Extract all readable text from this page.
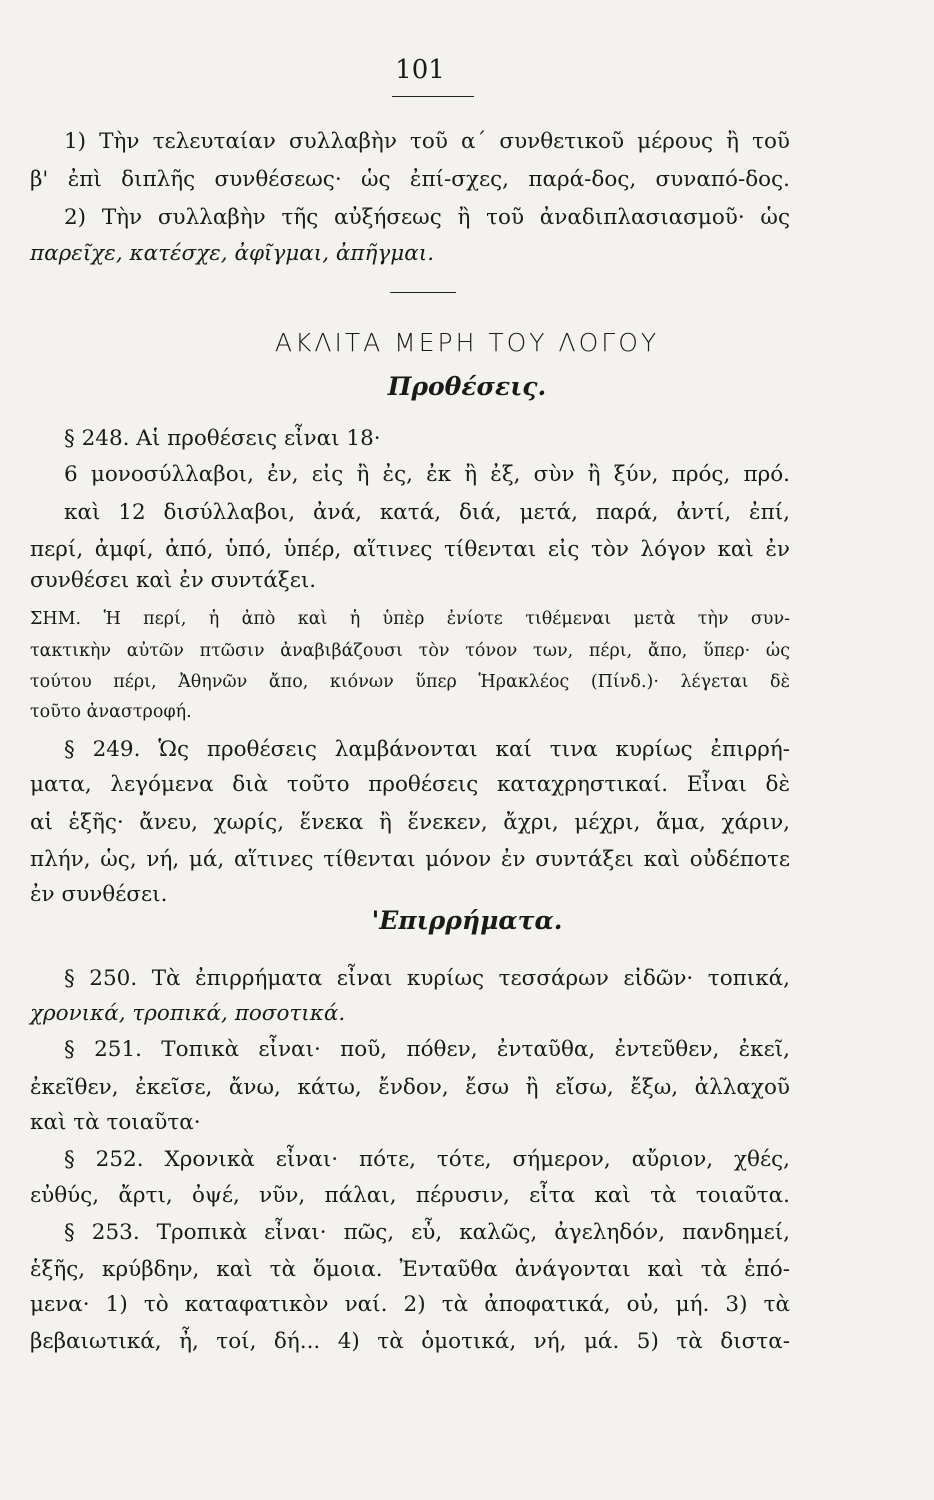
101
1) Τὴν τελευταίαν συλλαβὴν τοῦ α΄ συνθετικοῦ μέρους ἢ τοῦ
β' ἐπὶ διπλῆς συνθέσεως· ὡς ἐπί-σχες, παρά-δος, συναπό-δος.
2) Τὴν συλλαβὴν τῆς αὐξήσεως ἢ τοῦ ἀναδιπλασιασμοῦ· ὡς
παρεῖχε, κατέσχε, ἀφῖγμαι, ἀπῆγμαι.
ΑΚΛΙΤΑ ΜΕΡΗ ΤΟΥ ΛΟΓΟΥ
Προθέσεις.
§ 248. Αἱ προθέσεις εἶναι 18·
6 μονοσύλλαβοι, ἐν, εἰς ἢ ἐς, ἐκ ἢ ἐξ, σὺν ἢ ξύν, πρός, πρό.
καὶ 12 δισύλλαβοι, ἀνά, κατά, διά, μετά, παρά, ἀντί, ἐπί,
περί, ἀμφί, ἀπό, ὑπό, ὑπέρ, αἵτινες τίθενται εἰς τὸν λόγον καὶ ἐν
συνθέσει καὶ ἐν συντάξει.
ΣΗΜ. Ἡ περί, ἡ ἀπὸ καὶ ἡ ὑπὲρ ἐνίοτε τιθέμεναι μετὰ τὴν συν-
τακτικὴν αὐτῶν πτῶσιν ἀναβιβάζουσι τὸν τόνον των, πέρι, ἄπο, ὕπερ· ὡς
τούτου πέρι, Ἀθηνῶν ἄπο, κιόνων ὕπερ Ἡρακλέος (Πίνδ.)· λέγεται δὲ
τοῦτο ἀναστροφή.
§ 249. Ὡς προθέσεις λαμβάνονται καί τινα κυρίως ἐπιρρή-
ματα, λεγόμενα διὰ τοῦτο προθέσεις καταχρηστικαί. Εἶναι δὲ
αἱ ἑξῆς· ἄνευ, χωρίς, ἕνεκα ἢ ἕνεκεν, ἄχρι, μέχρι, ἅμα, χάριν,
πλήν, ὡς, νή, μά, αἵτινες τίθενται μόνον ἐν συντάξει καὶ οὐδέποτε
ἐν συνθέσει.
'Επιρρήματα.
§ 250. Τὰ ἐπιρρήματα εἶναι κυρίως τεσσάρων εἰδῶν· τοπικά,
χρονικά, τροπικά, ποσοτικά.
§ 251. Τοπικὰ εἶναι· ποῦ, πόθεν, ἐνταῦθα, ἐντεῦθεν, ἐκεῖ,
ἐκεῖθεν, ἐκεῖσε, ἄνω, κάτω, ἔνδον, ἔσω ἢ εἴσω, ἔξω, ἀλλαχοῦ
καὶ τὰ τοιαῦτα·
§ 252. Χρονικὰ εἶναι· πότε, τότε, σήμερον, αὔριον, χθές,
εὐθύς, ἄρτι, ὀψέ, νῦν, πάλαι, πέρυσιν, εἶτα καὶ τὰ τοιαῦτα.
§ 253. Τροπικὰ εἶναι· πῶς, εὖ, καλῶς, ἀγεληδόν, πανδημεί,
ἑξῆς, κρύβδην, καὶ τὰ ὅμοια. Ἐνταῦθα ἀνάγονται καὶ τὰ ἑπό-
μενα· 1) τὸ καταφατικὸν ναί. 2) τὰ ἀποφατικά, οὐ, μή. 3) τὰ
βεβαιωτικά, ἦ, τοί, δή... 4) τὰ ὁμοτικά, νή, μά. 5) τὰ διστα-
